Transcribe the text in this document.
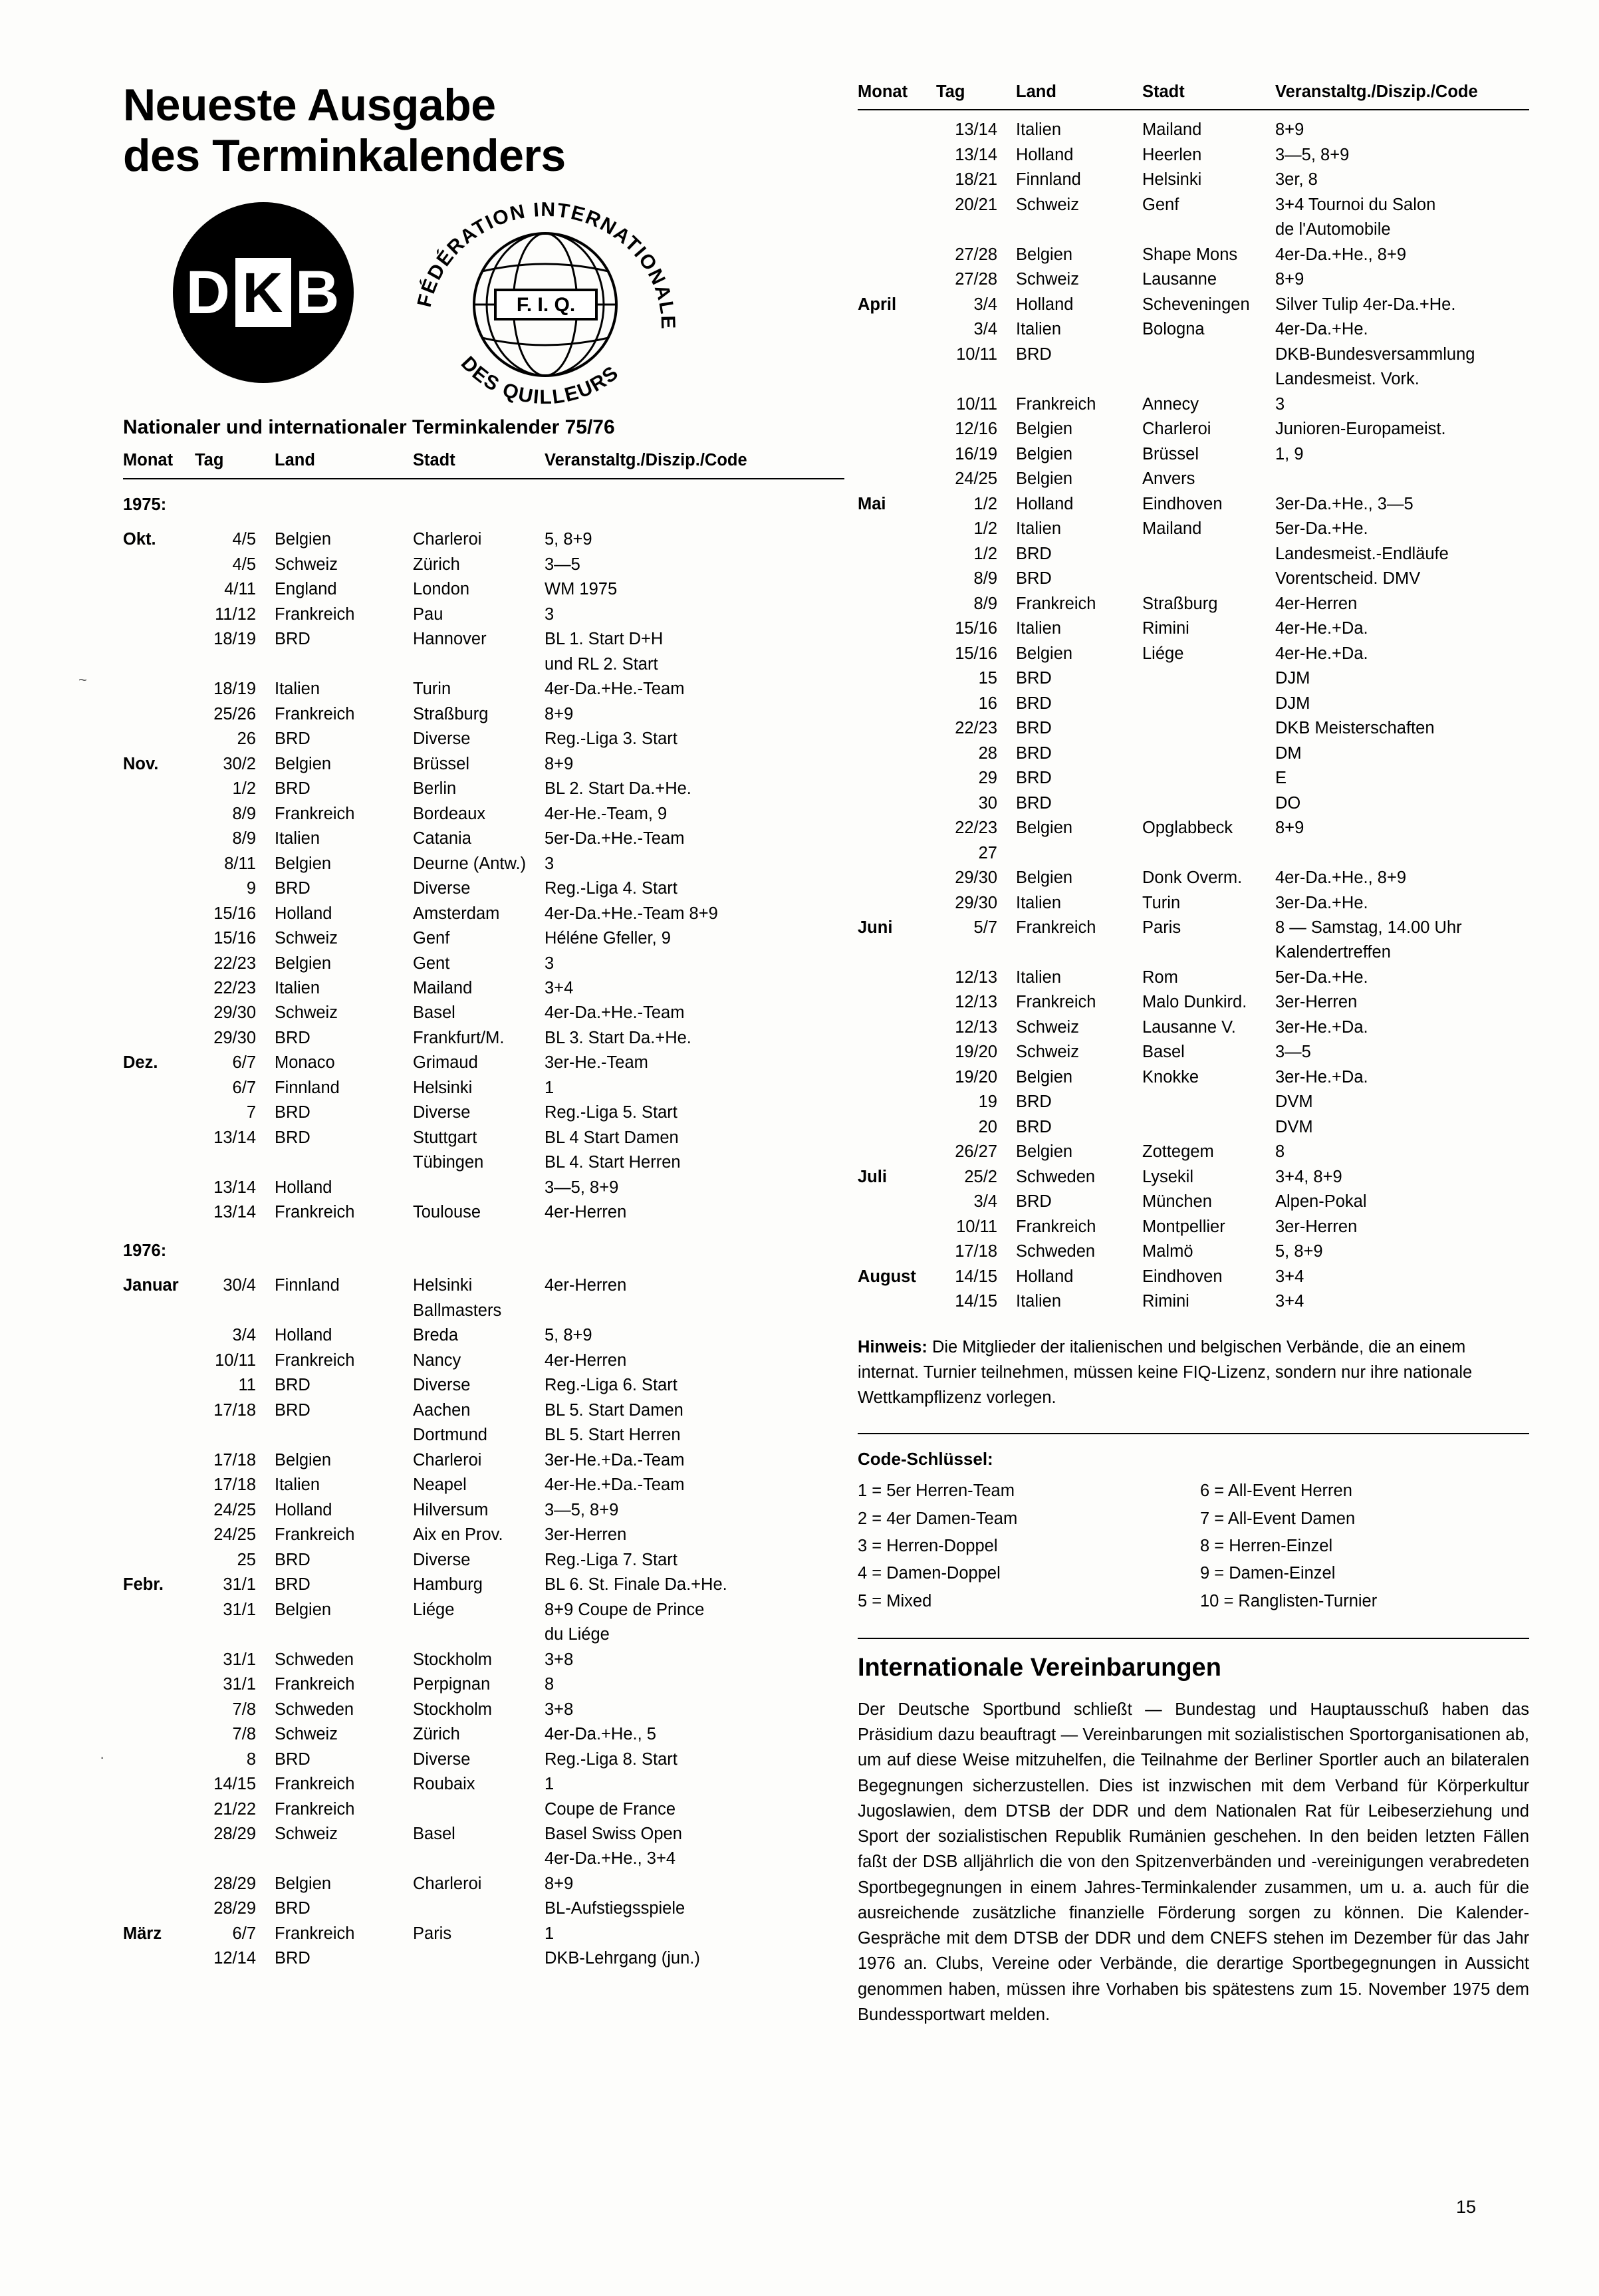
Neueste Ausgabe
des Terminkalenders
D K B	F. I. Q.
FÉDÉRATION INTERNATIONALE
DES QUILLEURS
Nationaler und internationaler Terminkalender 75/76
Monat	Tag	Land	Stadt	Veranstaltg./Diszip./Code
1975:				
Okt.	4/5	Belgien	Charleroi	5, 8+9
	4/5	Schweiz	Zürich	3—5
	4/11	England	London	WM 1975
	11/12	Frankreich	Pau	3
	18/19	BRD	Hannover	BL 1. Start D+H
				und RL 2. Start
	18/19	Italien	Turin	4er-Da.+He.-Team
	25/26	Frankreich	Straßburg	8+9
	26	BRD	Diverse	Reg.-Liga 3. Start
Nov.	30/2	Belgien	Brüssel	8+9
	1/2	BRD	Berlin	BL 2. Start Da.+He.
	8/9	Frankreich	Bordeaux	4er-He.-Team, 9
	8/9	Italien	Catania	5er-Da.+He.-Team
	8/11	Belgien	Deurne (Antw.)	3
	9	BRD	Diverse	Reg.-Liga 4. Start
	15/16	Holland	Amsterdam	4er-Da.+He.-Team 8+9
	15/16	Schweiz	Genf	Héléne Gfeller, 9
	22/23	Belgien	Gent	3
	22/23	Italien	Mailand	3+4
	29/30	Schweiz	Basel	4er-Da.+He.-Team
	29/30	BRD	Frankfurt/M.	BL 3. Start Da.+He.
Dez.	6/7	Monaco	Grimaud	3er-He.-Team
	6/7	Finnland	Helsinki	1
	7	BRD	Diverse	Reg.-Liga 5. Start
	13/14	BRD	Stuttgart	BL 4 Start Damen
			Tübingen	BL 4. Start Herren
	13/14	Holland		3—5, 8+9
	13/14	Frankreich	Toulouse	4er-Herren
1976:				
Januar	30/4	Finnland	Helsinki	4er-Herren
			Ballmasters	
	3/4	Holland	Breda	5, 8+9
	10/11	Frankreich	Nancy	4er-Herren
	11	BRD	Diverse	Reg.-Liga 6. Start
	17/18	BRD	Aachen	BL 5. Start Damen
			Dortmund	BL 5. Start Herren
	17/18	Belgien	Charleroi	3er-He.+Da.-Team
	17/18	Italien	Neapel	4er-He.+Da.-Team
	24/25	Holland	Hilversum	3—5, 8+9
	24/25	Frankreich	Aix en Prov.	3er-Herren
	25	BRD	Diverse	Reg.-Liga 7. Start
Febr.	31/1	BRD	Hamburg	BL 6. St. Finale Da.+He.
	31/1	Belgien	Liége	8+9 Coupe de Prince
				du Liége
	31/1	Schweden	Stockholm	3+8
	31/1	Frankreich	Perpignan	8
	7/8	Schweden	Stockholm	3+8
	7/8	Schweiz	Zürich	4er-Da.+He., 5
	8	BRD	Diverse	Reg.-Liga 8. Start
	14/15	Frankreich	Roubaix	1
	21/22	Frankreich		Coupe de France
	28/29	Schweiz	Basel	Basel Swiss Open
				4er-Da.+He., 3+4
	28/29	Belgien	Charleroi	8+9
	28/29	BRD		BL-Aufstiegsspiele
März	6/7	Frankreich	Paris	1
	12/14	BRD		DKB-Lehrgang (jun.)
Monat	Tag	Land	Stadt	Veranstaltg./Diszip./Code
	13/14	Italien	Mailand	8+9
	13/14	Holland	Heerlen	3—5, 8+9
	18/21	Finnland	Helsinki	3er, 8
	20/21	Schweiz	Genf	3+4 Tournoi du Salon
				de l'Automobile
	27/28	Belgien	Shape Mons	4er-Da.+He., 8+9
	27/28	Schweiz	Lausanne	8+9
April	3/4	Holland	Scheveningen	Silver Tulip 4er-Da.+He.
	3/4	Italien	Bologna	4er-Da.+He.
	10/11	BRD		DKB-Bundesversammlung
				Landesmeist. Vork.
	10/11	Frankreich	Annecy	3
	12/16	Belgien	Charleroi	Junioren-Europameist.
	16/19	Belgien	Brüssel	1, 9
	24/25	Belgien	Anvers	
Mai	1/2	Holland	Eindhoven	3er-Da.+He., 3—5
	1/2	Italien	Mailand	5er-Da.+He.
	1/2	BRD		Landesmeist.-Endläufe
	8/9	BRD		Vorentscheid. DMV
	8/9	Frankreich	Straßburg	4er-Herren
	15/16	Italien	Rimini	4er-He.+Da.
	15/16	Belgien	Liége	4er-He.+Da.
	15	BRD		DJM
	16	BRD		DJM
	22/23	BRD		DKB Meisterschaften
	28	BRD		DM
	29	BRD		E
	30	BRD		DO
	22/23	Belgien	Opglabbeck	8+9
	27			
	29/30	Belgien	Donk Overm.	4er-Da.+He., 8+9
	29/30	Italien	Turin	3er-Da.+He.
Juni	5/7	Frankreich	Paris	8 — Samstag, 14.00 Uhr
				Kalendertreffen
	12/13	Italien	Rom	5er-Da.+He.
	12/13	Frankreich	Malo Dunkird.	3er-Herren
	12/13	Schweiz	Lausanne V.	3er-He.+Da.
	19/20	Schweiz	Basel	3—5
	19/20	Belgien	Knokke	3er-He.+Da.
	19	BRD		DVM
	20	BRD		DVM
	26/27	Belgien	Zottegem	8
Juli	25/2	Schweden	Lysekil	3+4, 8+9
	3/4	BRD	München	Alpen-Pokal
	10/11	Frankreich	Montpellier	3er-Herren
	17/18	Schweden	Malmö	5, 8+9
August	14/15	Holland	Eindhoven	3+4
	14/15	Italien	Rimini	3+4

Hinweis: Die Mitglieder der italienischen und belgischen Verbände, die an einem internat. Turnier teilnehmen, müssen keine FIQ-Lizenz, sondern nur ihre nationale Wettkampflizenz vorlegen.

Code-Schlüssel:
1 = 5er Herren-Team
2 = 4er Damen-Team
3 = Herren-Doppel
4 = Damen-Doppel
5 = Mixed
6 = All-Event Herren
7 = All-Event Damen
8 = Herren-Einzel
9 = Damen-Einzel
10 = Ranglisten-Turnier
Internationale Vereinbarungen
Der Deutsche Sportbund schließt — Bundestag und Hauptausschuß haben das Präsidium dazu beauftragt — Vereinbarungen mit sozialistischen Sportorganisationen ab, um auf diese Weise mitzuhelfen, die Teilnahme der Berliner Sportler auch an bilateralen Begegnungen sicherzustellen. Dies ist inzwischen mit dem Verband für Körperkultur Jugoslawien, dem DTSB der DDR und dem Nationalen Rat für Leibeserziehung und Sport der sozialistischen Republik Rumänien geschehen. In den beiden letzten Fällen faßt der DSB alljährlich die von den Spitzenverbänden und -vereinigungen verabredeten Sportbegegnungen in einem Jahres-Terminkalender zusammen, um u. a. auch für die ausreichende zusätzliche finanzielle Förderung sorgen zu können. Die Kalender-Gespräche mit dem DTSB der DDR und dem CNEFS stehen im Dezember für das Jahr 1976 an. Clubs, Vereine oder Verbände, die derartige Sportbegegnungen in Aussicht genommen haben, müssen ihre Vorhaben bis spätestens zum 15. November 1975 dem Bundessportwart melden.
15
~
·
